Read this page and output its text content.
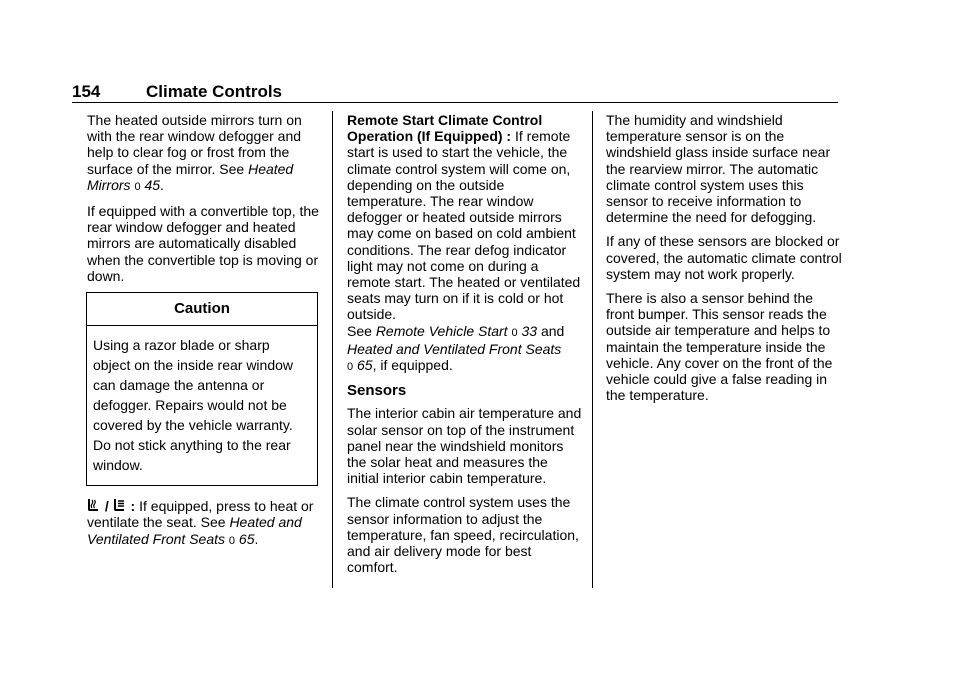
154	Climate Controls

The heated outside mirrors turn on with the rear window defogger and help to clear fog or frost from the surface of the mirror. See Heated Mirrors 0 45.

If equipped with a convertible top, the rear window defogger and heated mirrors are automatically disabled when the convertible top is moving or down.

Caution
Using a razor blade or sharp object on the inside rear window can damage the antenna or defogger. Repairs would not be covered by the vehicle warranty. Do not stick anything to the rear window.

/  : If equipped, press to heat or ventilate the seat. See Heated and Ventilated Front Seats 0 65.

Remote Start Climate Control Operation (If Equipped) : If remote start is used to start the vehicle, the climate control system will come on, depending on the outside temperature. The rear window defogger or heated outside mirrors may come on based on cold ambient conditions. The rear defog indicator light may not come on during a remote start. The heated or ventilated seats may turn on if it is cold or hot outside.
See Remote Vehicle Start 0 33 and Heated and Ventilated Front Seats
0 65, if equipped.

Sensors

The interior cabin air temperature and solar sensor on top of the instrument panel near the windshield monitors the solar heat and measures the initial interior cabin temperature.

The climate control system uses the sensor information to adjust the temperature, fan speed, recirculation, and air delivery mode for best comfort.

The humidity and windshield temperature sensor is on the windshield glass inside surface near the rearview mirror. The automatic climate control system uses this sensor to receive information to determine the need for defogging.

If any of these sensors are blocked or covered, the automatic climate control system may not work properly.

There is also a sensor behind the front bumper. This sensor reads the outside air temperature and helps to maintain the temperature inside the vehicle. Any cover on the front of the vehicle could give a false reading in the temperature.
